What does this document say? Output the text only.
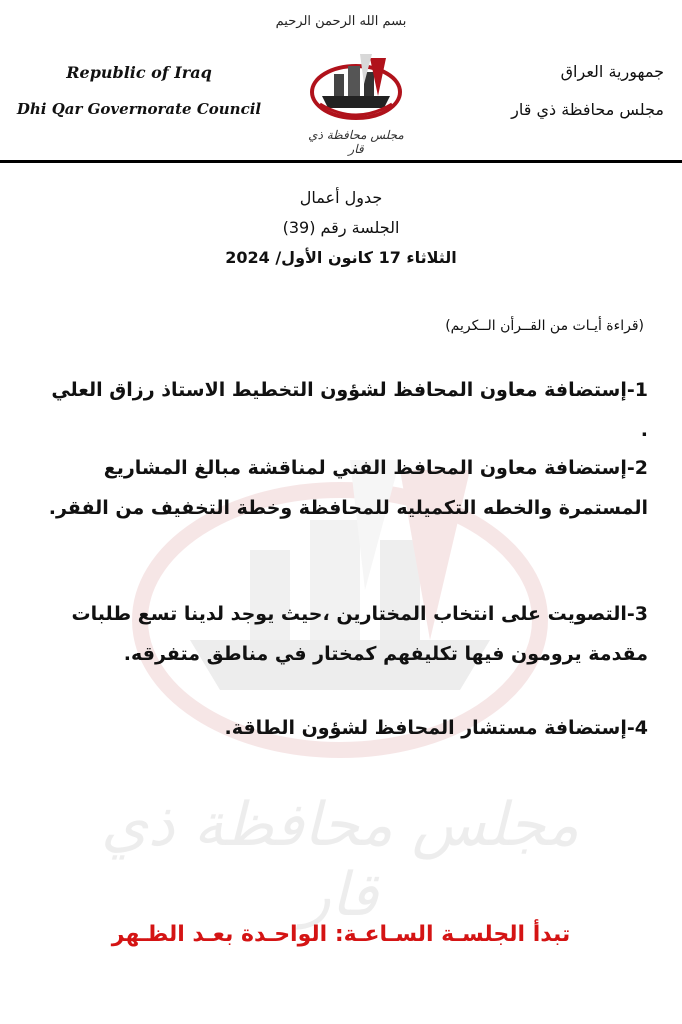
بسم الله الرحمن الرحيم
Republic of Iraq
Dhi Qar Governorate Council
مجلس محافظة ذي قار
جمهورية العراق
مجلس محافظة ذي قار
مجلس محافظة ذي قار
جدول أعمال
الجلسة رقم (39)
الثلاثاء 17 كانون الأول/ 2024
(قراءة أيـات من القــرأن الــكريم)
1-إستضافة معاون المحافظ لشؤون التخطيط الاستاذ رزاق العلي .
2-إستضافة معاون المحافظ الفني لمناقشة مبالغ المشاريع المستمرة والخطه التكميليه للمحافظة وخطة التخفيف من الفقر.
3-التصويت على انتخاب المختارين ،حيث يوجد لدينا تسع طلبات مقدمة يرومون فيها تكليفهم كمختار في مناطق متفرقه.
4-إستضافة مستشار المحافظ لشؤون الطاقة.
تبدأ الجلسـة السـاعـة: الواحـدة بعـد الظـهر
